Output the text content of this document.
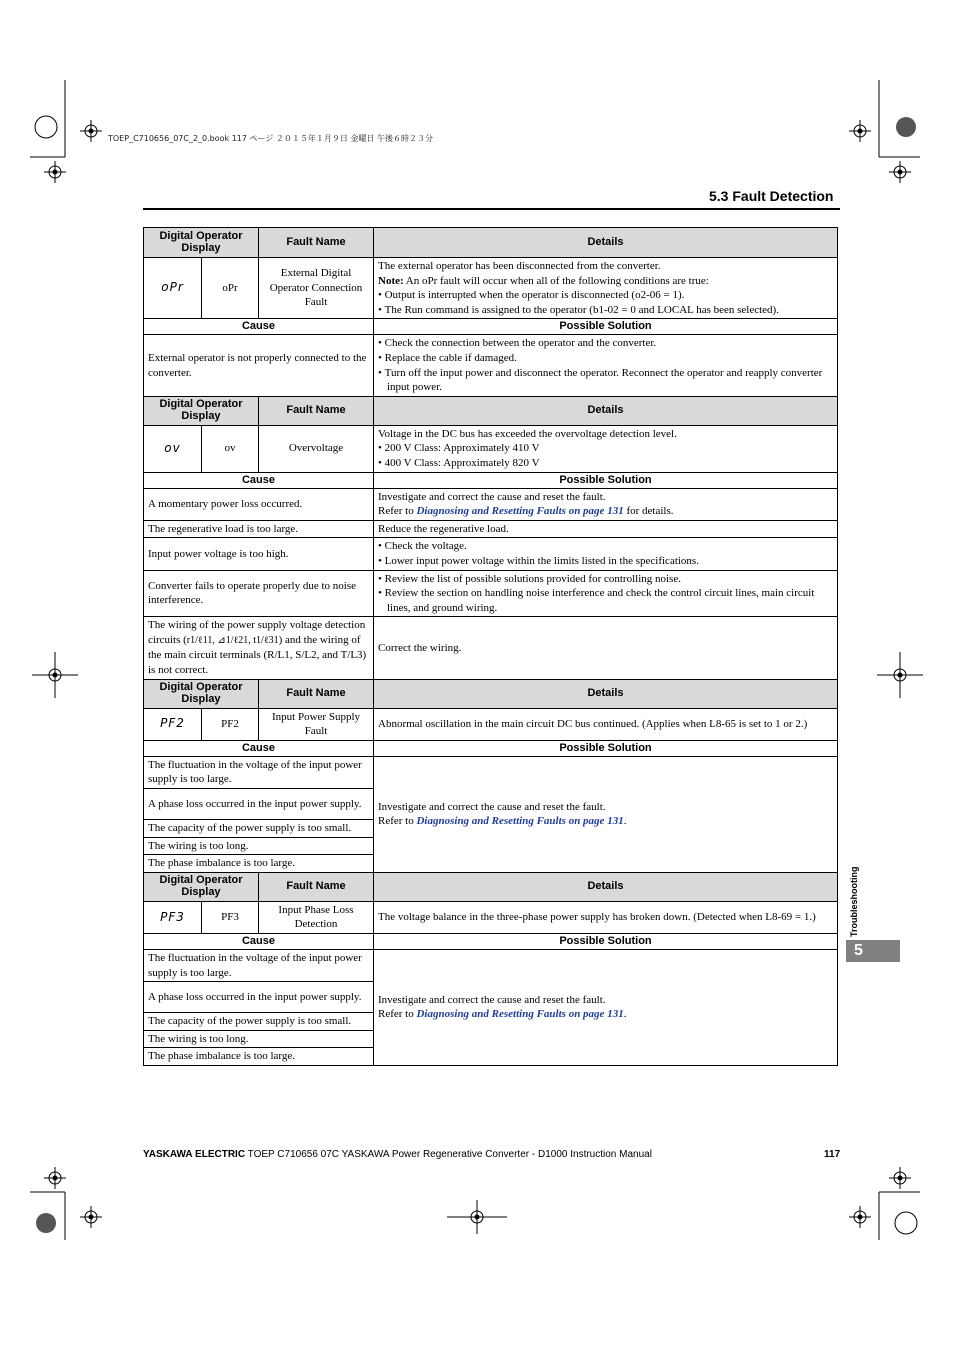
TOEP_C710656_07C_2_0.book 117 ページ ２０１５年１月９日 金曜日 午後６時２３分
5.3 Fault Detection
Digital Operator Display		Fault Name	Details
oPr	oPr	External Digital Operator Connection Fault	The external operator has been disconnected from the converter.
Note: An oPr fault will occur when all of the following conditions are true:
• Output is interrupted when the operator is disconnected (o2-06 = 1).
• The Run command is assigned to the operator (b1-02 = 0 and LOCAL has been selected).

Cause			Possible Solution
External operator is not properly connected to the converter.			• Check the connection between the operator and the converter.
• Replace the cable if damaged.
• Turn off the input power and disconnect the operator. Reconnect the operator and reapply converter input power.

Digital Operator Display		Fault Name	Details
ov	ov	Overvoltage	Voltage in the DC bus has exceeded the overvoltage detection level.
• 200 V Class: Approximately 410 V
• 400 V Class: Approximately 820 V

Cause			Possible Solution
A momentary power loss occurred.			Investigate and correct the cause and reset the fault.
Refer to Diagnosing and Resetting Faults on page 131 for details.

The regenerative load is too large.			Reduce the regenerative load.
Input power voltage is too high.			• Check the voltage.
• Lower input power voltage within the limits listed in the specifications.

Converter fails to operate properly due to noise interference.			• Review the list of possible solutions provided for controlling noise.
• Review the section on handling noise interference and check the control circuit lines, main circuit lines, and ground wiring.

The wiring of the power supply voltage detection circuits (r1/ℓ11, ⊿1/ℓ21, t1/ℓ31) and the wiring of the main circuit terminals (R/L1, S/L2, and T/L3) is not correct.			Correct the wiring.
Digital Operator Display		Fault Name	Details
PF2	PF2	Input Power Supply Fault	Abnormal oscillation in the main circuit DC bus continued. (Applies when L8-65 is set to 1 or 2.)
Cause			Possible Solution
The fluctuation in the voltage of the input power supply is too large.			Investigate and correct the cause and reset the fault.
Refer to Diagnosing and Resetting Faults on page 131.

A phase loss occurred in the input power supply.			
The capacity of the power supply is too small.			
The wiring is too long.			
The phase imbalance is too large.			
Digital Operator Display		Fault Name	Details
PF3	PF3	Input Phase Loss Detection	The voltage balance in the three-phase power supply has broken down. (Detected when L8-69 = 1.)
Cause			Possible Solution
The fluctuation in the voltage of the input power supply is too large.			Investigate and correct the cause and reset the fault.
Refer to Diagnosing and Resetting Faults on page 131.

A phase loss occurred in the input power supply.			
The capacity of the power supply is too small.			
The wiring is too long.			
The phase imbalance is too large.			
Troubleshooting
5
YASKAWA ELECTRIC TOEP C710656 07C YASKAWA Power Regenerative Converter - D1000 Instruction Manual	117
